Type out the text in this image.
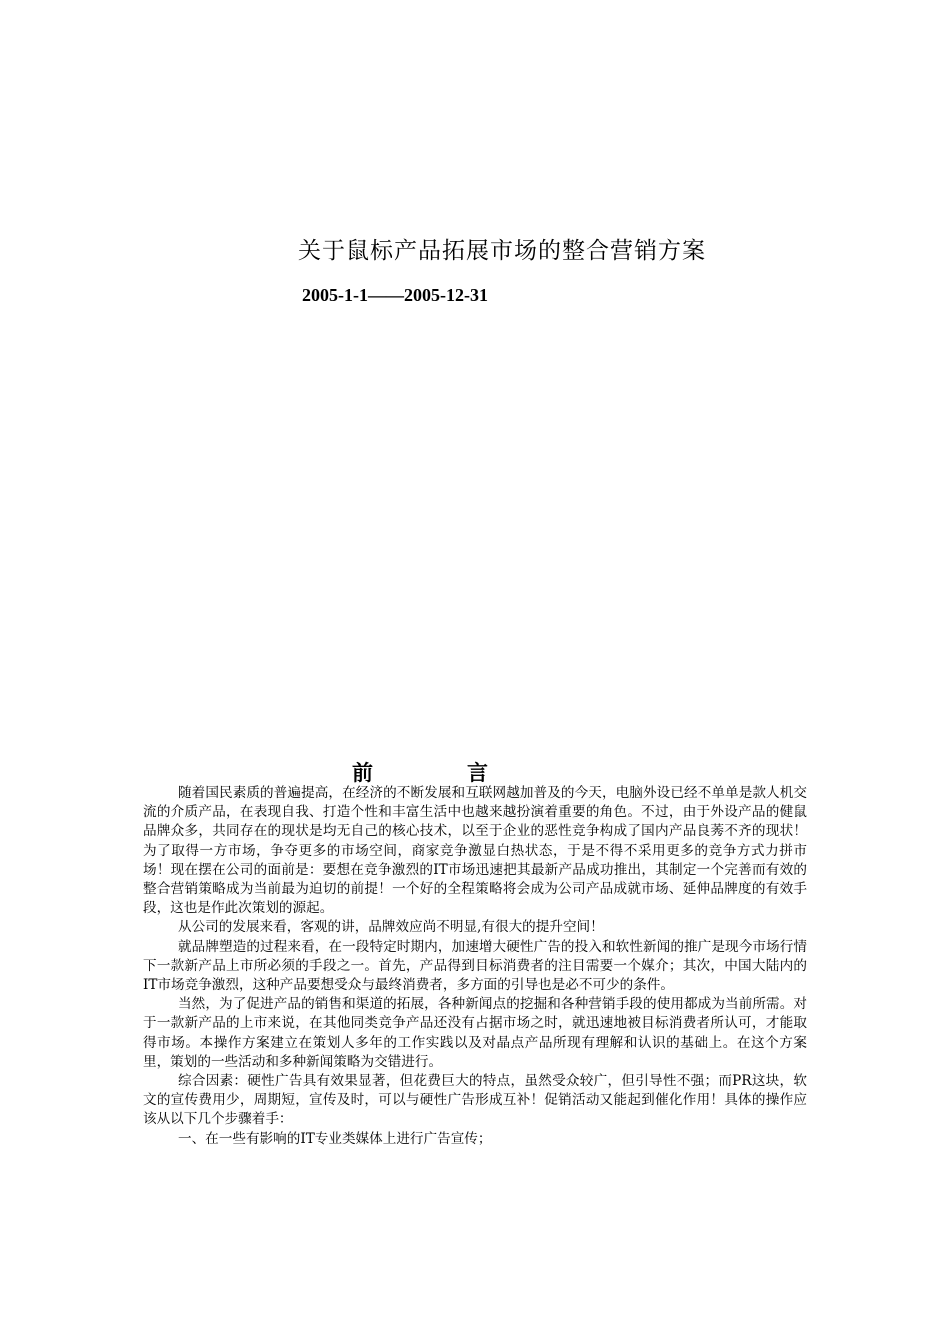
关于鼠标产品拓展市场的整合营销方案
2005-1-1——2005-12-31
前言

随着国民素质的普遍提高，在经济的不断发展和互联网越加普及的今天，电脑外设已经不单单是款人机交流的介质产品，在表现自我、打造个性和丰富生活中也越来越扮演着重要的角色。不过，由于外设产品的健鼠品牌众多，共同存在的现状是均无自己的核心技术，以至于企业的恶性竞争构成了国内产品良莠不齐的现状！为了取得一方市场，争夺更多的市场空间，商家竞争激显白热状态，于是不得不采用更多的竞争方式力拼市场！现在摆在公司的面前是：要想在竞争激烈的IT市场迅速把其最新产品成功推出，其制定一个完善而有效的整合营销策略成为当前最为迫切的前提！一个好的全程策略将会成为公司产品成就市场、延伸品牌度的有效手段，这也是作此次策划的源起。

从公司的发展来看，客观的讲，品牌效应尚不明显,有很大的提升空间！

就品牌塑造的过程来看，在一段特定时期内，加速增大硬性广告的投入和软性新闻的推广是现今市场行情下一款新产品上市所必须的手段之一。首先，产品得到目标消费者的注目需要一个媒介；其次，中国大陆内的IT市场竞争激烈，这种产品要想受众与最终消费者，多方面的引导也是必不可少的条件。

当然，为了促进产品的销售和渠道的拓展，各种新闻点的挖掘和各种营销手段的使用都成为当前所需。对于一款新产品的上市来说，在其他同类竞争产品还没有占据市场之时，就迅速地被目标消费者所认可，才能取得市场。本操作方案建立在策划人多年的工作实践以及对晶点产品所现有理解和认识的基础上。在这个方案里，策划的一些活动和多种新闻策略为交错进行。

综合因素：硬性广告具有效果显著，但花费巨大的特点，虽然受众较广，但引导性不强；而PR这块，软文的宣传费用少，周期短，宣传及时，可以与硬性广告形成互补！促销活动又能起到催化作用！具体的操作应该从以下几个步骤着手：

一、在一些有影响的IT专业类媒体上进行广告宣传；
